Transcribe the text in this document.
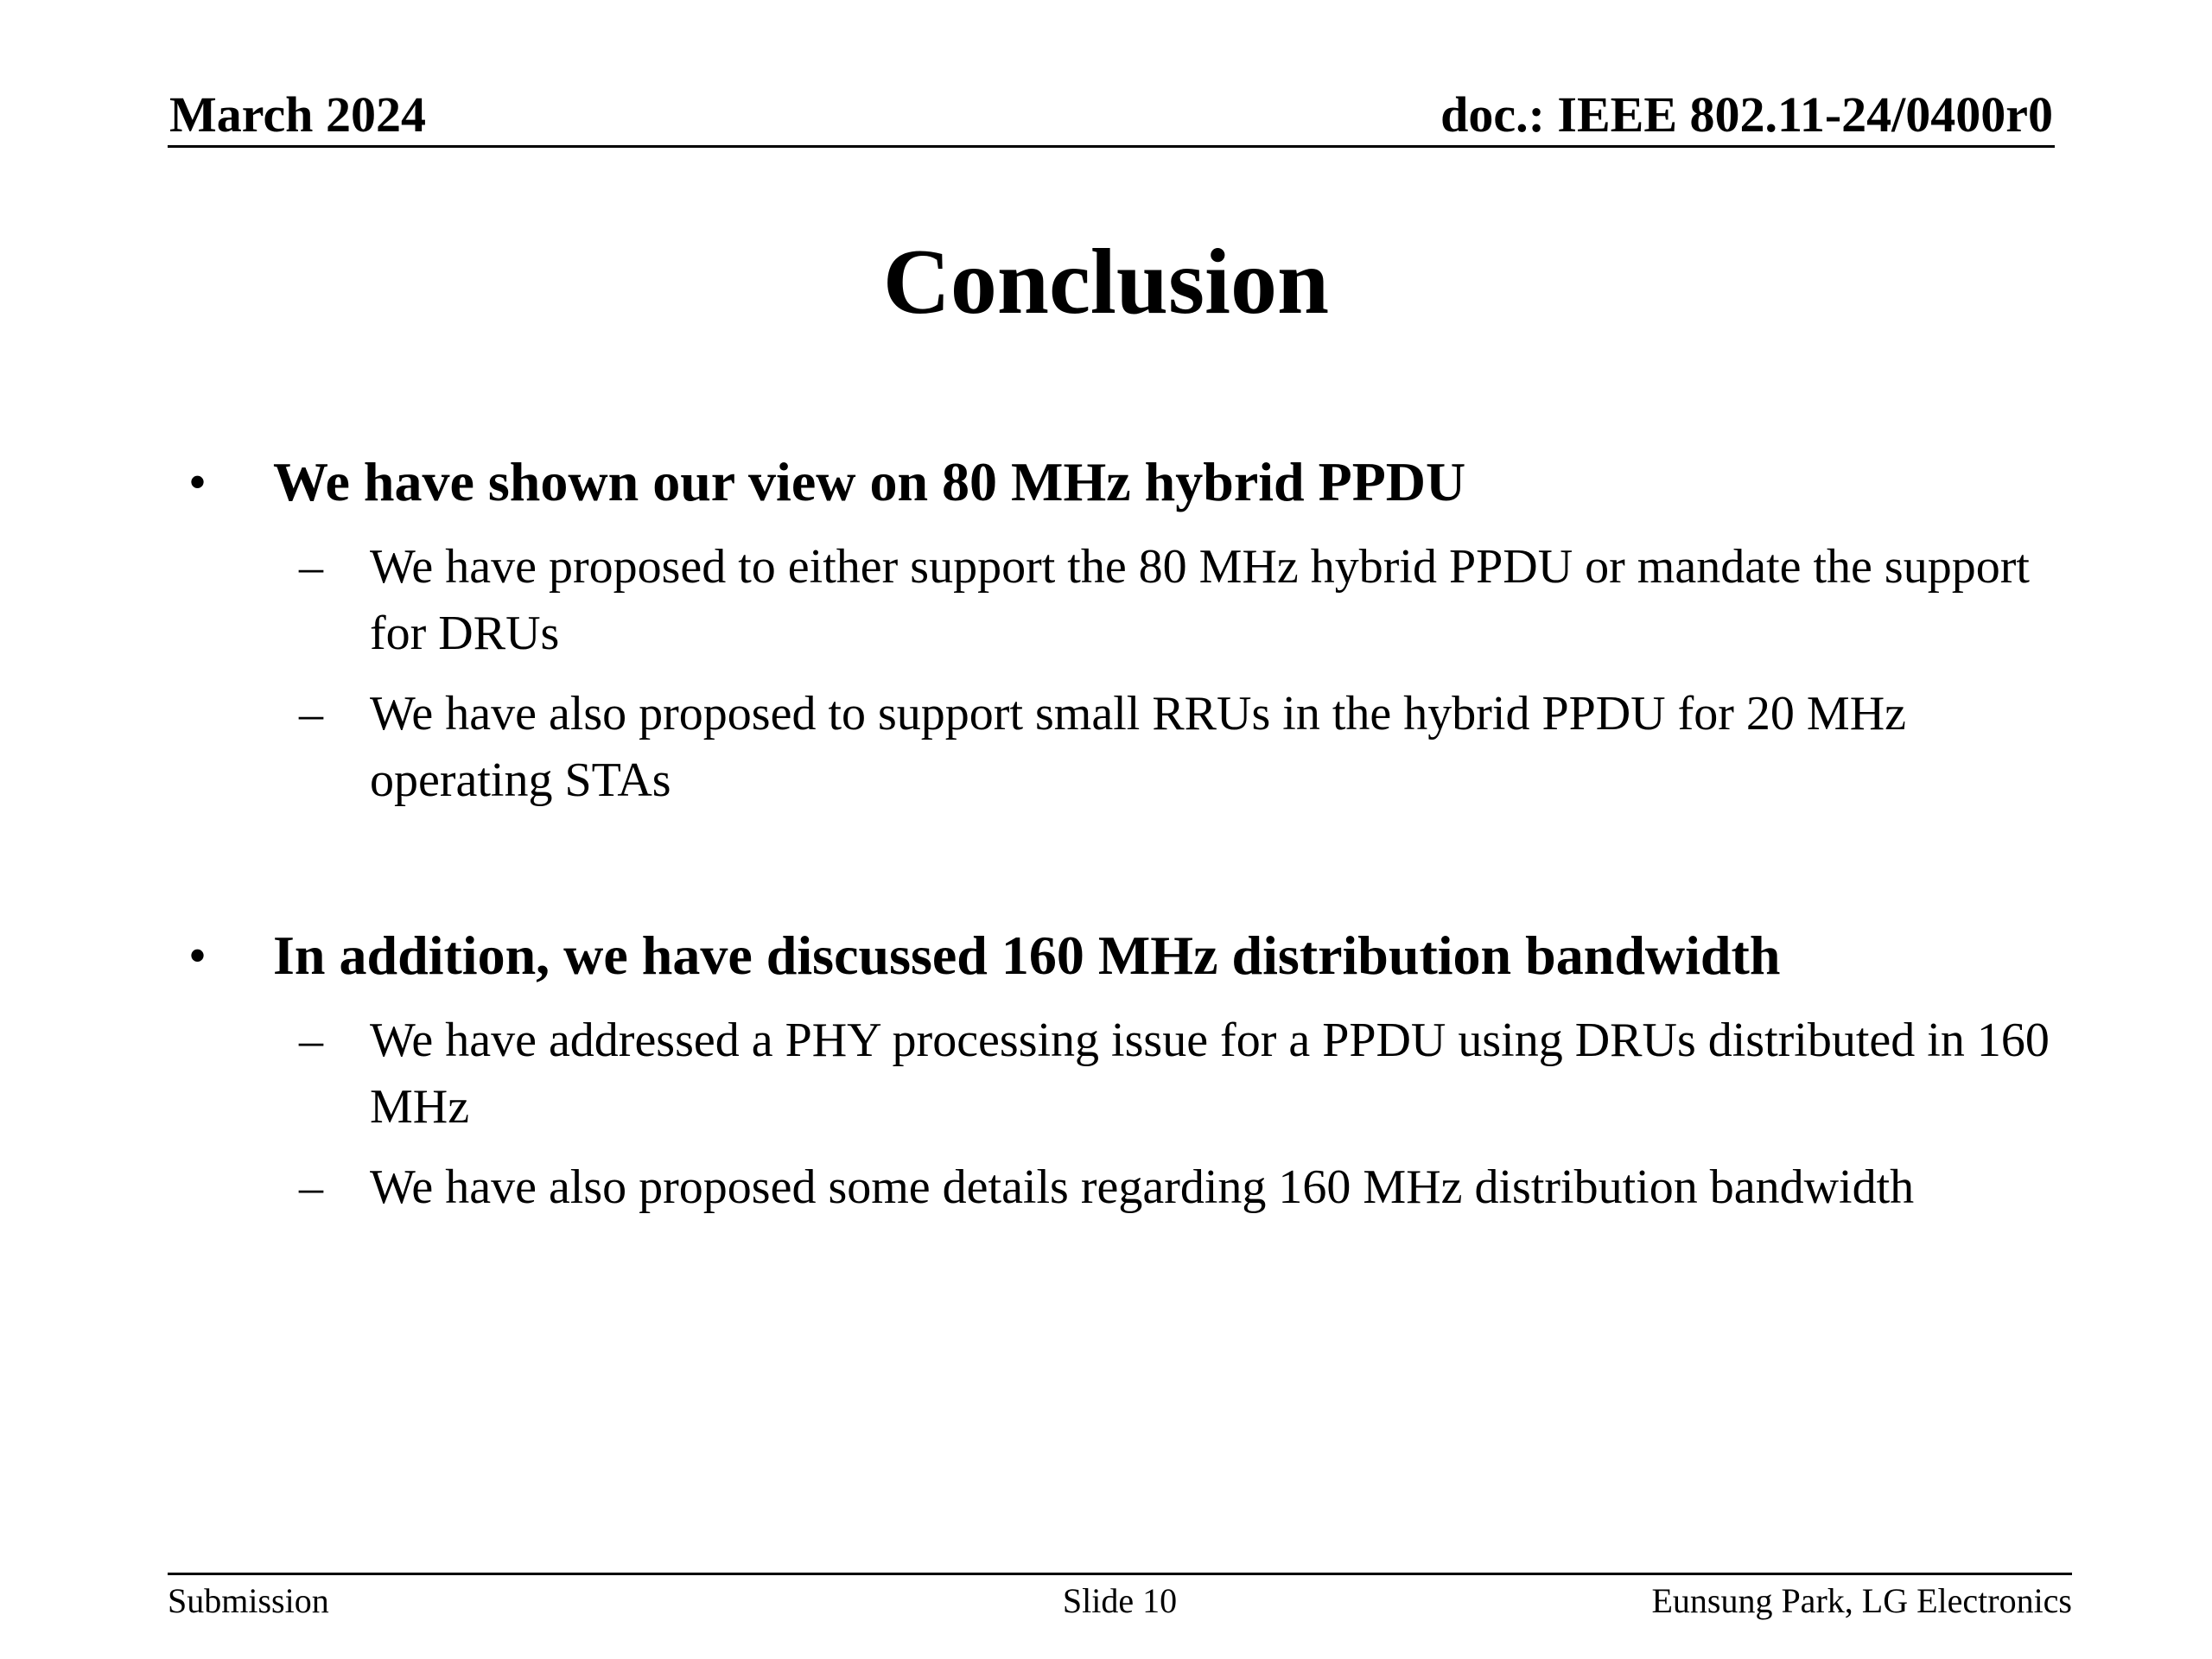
March 2024	doc.: IEEE 802.11-24/0400r0
Conclusion
• We have shown our view on 80 MHz hybrid PPDU
– We have proposed to either support the 80 MHz hybrid PPDU or mandate the support for DRUs
– We have also proposed to support small RRUs in the hybrid PPDU for 20 MHz operating STAs
• In addition, we have discussed 160 MHz distribution bandwidth
– We have addressed a PHY processing issue for a PPDU using DRUs distributed in 160 MHz
– We have also proposed some details regarding 160 MHz distribution bandwidth
Submission	Slide 10	Eunsung Park, LG Electronics
